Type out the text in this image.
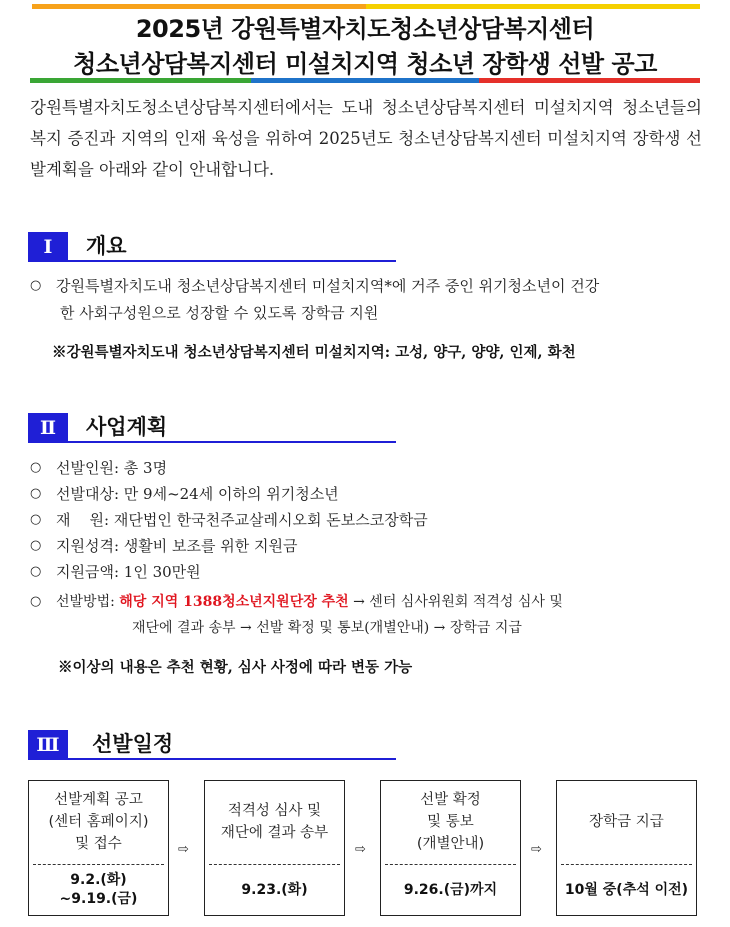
2025년 강원특별자치도청소년상담복지센터
청소년상담복지센터 미설치지역 청소년 장학생 선발 공고
강원특별자치도청소년상담복지센터에서는 도내 청소년상담복지센터 미설치지역 청소년들의 복지 증진과 지역의 인재 육성을 위하여 2025년도 청소년상담복지센터 미설치지역 장학생 선발계획을 아래와 같이 안내합니다.
Ⅰ	개요
○ 강원특별자치도내 청소년상담복지센터 미설치지역*에 거주 중인 위기청소년이 건강
한 사회구성원으로 성장할 수 있도록 장학금 지원
※강원특별자치도내 청소년상담복지센터 미설치지역: 고성, 양구, 양양, 인제, 화천
Ⅱ	사업계획
○ 선발인원: 총 3명
○ 선발대상: 만 9세~24세 이하의 위기청소년
○ 재    원: 재단법인 한국천주교살레시오회 돈보스코장학금
○ 지원성격: 생활비 보조를 위한 지원금
○ 지원금액: 1인 30만원
○ 선발방법: 해당 지역 1388청소년지원단장 추천 → 센터 심사위원회 적격성 심사 및
재단에 결과 송부 → 선발 확정 및 통보(개별안내) → 장학금 지급
※이상의 내용은 추천 현황, 심사 사정에 따라 변동 가능
Ⅲ	선발일정
선발계획 공고
(센터 홈페이지)
및 접수
9.2.(화)
~9.19.(금)
⇨
적격성 심사 및
재단에 결과 송부
9.23.(화)
⇨
선발 확정
및 통보
(개별안내)
9.26.(금)까지
⇨
장학금 지급
10월 중(추석 이전)
